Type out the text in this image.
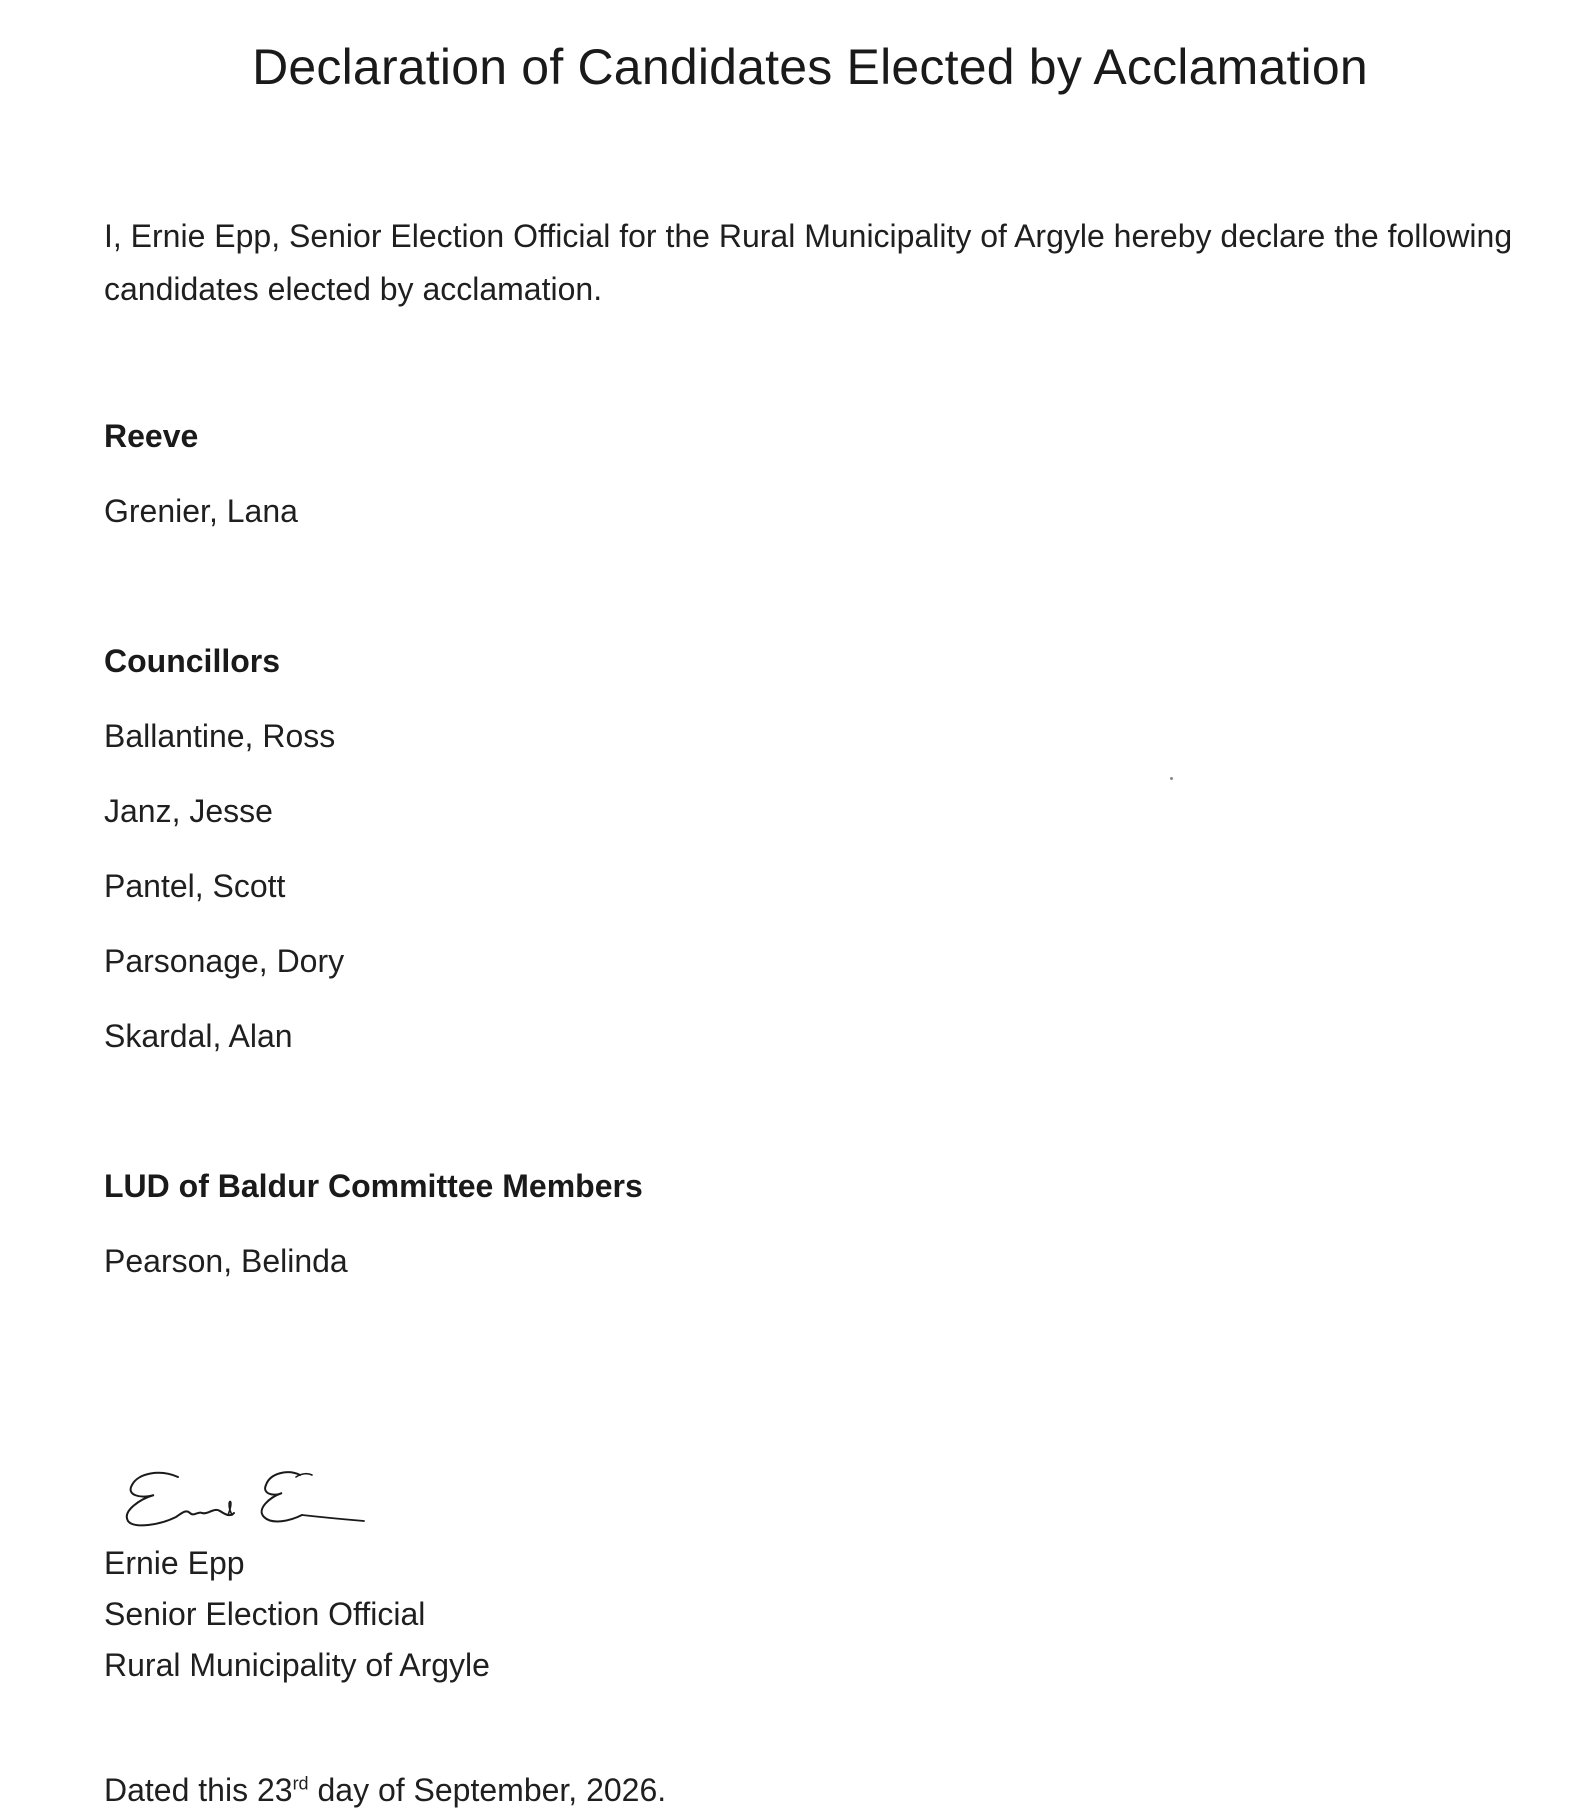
Declaration of Candidates Elected by Acclamation

I, Ernie Epp, Senior Election Official for the Rural Municipality of Argyle hereby declare the following candidates elected by acclamation.

Reeve

Grenier, Lana

Councillors

Ballantine, Ross

Janz, Jesse

Pantel, Scott

Parsonage, Dory

Skardal, Alan

LUD of Baldur Committee Members

Pearson, Belinda

Ernie Epp

Senior Election Official

Rural Municipality of Argyle

Dated this 23rd day of September, 2026.
